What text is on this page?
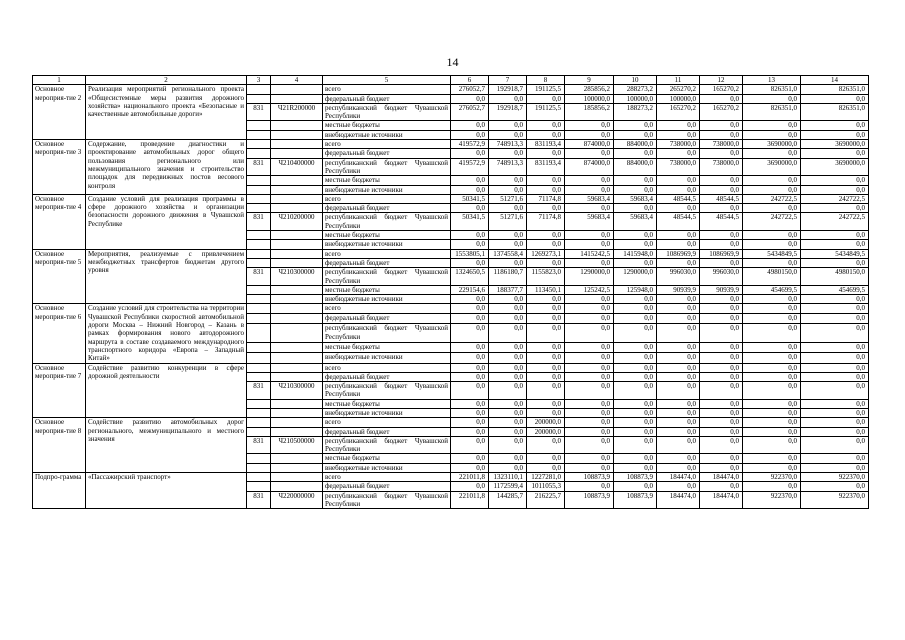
14
1	2	3	4	5	6	7	8	9	10	11	12	13	14
Основное мероприя-тие 2	Реализация мероприятий регионального проекта «Общесистемные меры развития дорожного хозяйства» национального проекта «Безопасные и качественные автомобильные дороги»			всего	276052,7	192918,7	191125,5	285856,2	288273,2	265270,2	165270,2	826351,0	826351,0
				федеральный бюджет	0,0	0,0	0,0	100000,0	100000,0	100000,0	0,0	0,0	0,0
		831	Ч21R200000	республиканский бюджет Чувашской Республики	276052,7	192918,7	191125,5	185856,2	188273,2	165270,2	165270,2	826351,0	826351,0
				местные бюджеты	0,0	0,0	0,0	0,0	0,0	0,0	0,0	0,0	0,0
				внебюджетные источники	0,0	0,0	0,0	0,0	0,0	0,0	0,0	0,0	0,0
Основное мероприя-тие 3	Содержание, проведение диагностики и проектирование автомобильных дорог общего пользования регионального или межмуниципального значения и строительство площадок для передвижных постов весового контроля			всего	419572,9	748913,3	831193,4	874000,0	884000,0	738000,0	738000,0	3690000,0	3690000,0
				федеральный бюджет	0,0	0,0	0,0	0,0	0,0	0,0	0,0	0,0	0,0
		831	Ч210400000	республиканский бюджет Чувашской Республики	419572,9	748913,3	831193,4	874000,0	884000,0	738000,0	738000,0	3690000,0	3690000,0
				местные бюджеты	0,0	0,0	0,0	0,0	0,0	0,0	0,0	0,0	0,0
				внебюджетные источники	0,0	0,0	0,0	0,0	0,0	0,0	0,0	0,0	0,0
Основное мероприя-тие 4	Создание условий для реализация программы в сфере дорожного хозяйства и организации безопасности дорожного движения в Чувашской Республике			всего	50341,5	51271,6	71174,8	59683,4	59683,4	48544,5	48544,5	242722,5	242722,5
				федеральный бюджет	0,0	0,0	0,0	0,0	0,0	0,0	0,0	0,0	0,0
		831	Ч210200000	республиканский бюджет Чувашской Республики	50341,5	51271,6	71174,8	59683,4	59683,4	48544,5	48544,5	242722,5	242722,5
				местные бюджеты	0,0	0,0	0,0	0,0	0,0	0,0	0,0	0,0	0,0
				внебюджетные источники	0,0	0,0	0,0	0,0	0,0	0,0	0,0	0,0	0,0
Основное мероприя-тие 5	Мероприятия, реализуемые с привлечением межбюджетных трансфертов бюджетам другого уровня			всего	1553805,1	1374558,4	1269273,1	1415242,5	1415948,0	1086969,9	1086969,9	5434849,5	5434849,5
				федеральный бюджет	0,0	0,0	0,0	0,0	0,0	0,0	0,0	0,0	0,0
		831	Ч210300000	республиканский бюджет Чувашской Республики	1324650,5	1186180,7	1155823,0	1290000,0	1290000,0	996030,0	996030,0	4980150,0	4980150,0
				местные бюджеты	229154,6	188377,7	113450,1	125242,5	125948,0	90939,9	90939,9	454699,5	454699,5
				внебюджетные источники	0,0	0,0	0,0	0,0	0,0	0,0	0,0	0,0	0,0
Основное мероприя-тие 6	Создание условий для строительства на территории Чувашской Республики скоростной автомобильной дороги Москва – Нижний Новгород – Казань в рамках формирования нового автодорожного маршрута в составе создаваемого международного транспортного коридора «Европа – Западный Китай»			всего	0,0	0,0	0,0	0,0	0,0	0,0	0,0	0,0	0,0
				федеральный бюджет	0,0	0,0	0,0	0,0	0,0	0,0	0,0	0,0	0,0
				республиканский бюджет Чувашской Республики	0,0	0,0	0,0	0,0	0,0	0,0	0,0	0,0	0,0
				местные бюджеты	0,0	0,0	0,0	0,0	0,0	0,0	0,0	0,0	0,0
				внебюджетные источники	0,0	0,0	0,0	0,0	0,0	0,0	0,0	0,0	0,0
Основное мероприя-тие 7	Содействие развитию конкуренции в сфере дорожной деятельности			всего	0,0	0,0	0,0	0,0	0,0	0,0	0,0	0,0	0,0
				федеральный бюджет	0,0	0,0	0,0	0,0	0,0	0,0	0,0	0,0	0,0
		831	Ч210300000	республиканский бюджет Чувашской Республики	0,0	0,0	0,0	0,0	0,0	0,0	0,0	0,0	0,0
				местные бюджеты	0,0	0,0	0,0	0,0	0,0	0,0	0,0	0,0	0,0
				внебюджетные источники	0,0	0,0	0,0	0,0	0,0	0,0	0,0	0,0	0,0
Основное мероприя-тие 8	Содействие развитию автомобильных дорог регионального, межмуниципального и местного значения			всего	0,0	0,0	200000,0	0,0	0,0	0,0	0,0	0,0	0,0
				федеральный бюджет	0,0	0,0	200000,0	0,0	0,0	0,0	0,0	0,0	0,0
		831	Ч210500000	республиканский бюджет Чувашской Республики	0,0	0,0	0,0	0,0	0,0	0,0	0,0	0,0	0,0
				местные бюджеты	0,0	0,0	0,0	0,0	0,0	0,0	0,0	0,0	0,0
				внебюджетные источники	0,0	0,0	0,0	0,0	0,0	0,0	0,0	0,0	0,0
Подпро-грамма	«Пассажирский транспорт»			всего	221011,8	1323110,1	1227281,0	108873,9	108873,9	184474,0	184474,0	922370,0	922370,0
				федеральный бюджет	0,0	1172599,4	1011055,3	0,0	0,0	0,0	0,0	0,0	0,0
		831	Ч220000000	республиканский бюджет Чувашской Республики	221011,8	144285,7	216225,7	108873,9	108873,9	184474,0	184474,0	922370,0	922370,0
